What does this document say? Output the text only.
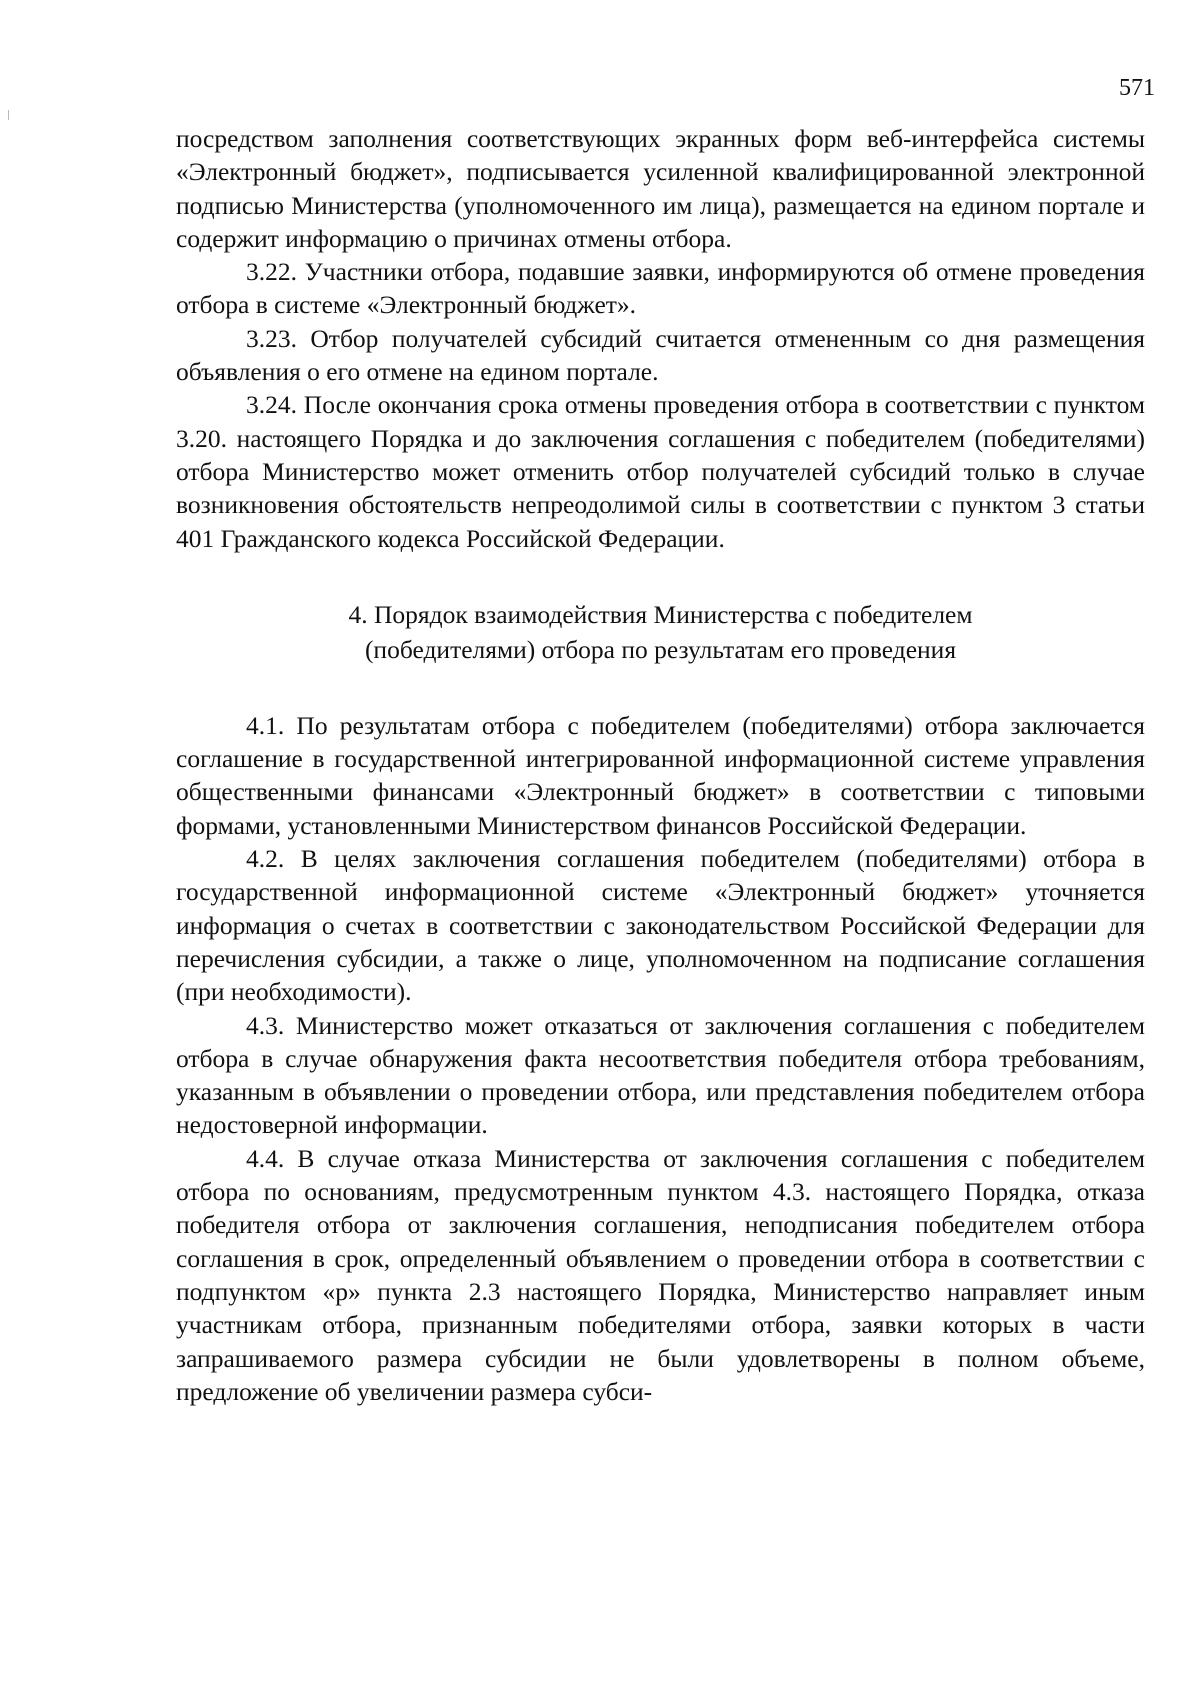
571

посредством заполнения соответствующих экранных форм веб-интерфейса системы «Электронный бюджет», подписывается усиленной квалифицированной электронной подписью Министерства (уполномоченного им лица), размещается на едином портале и содержит информацию о причинах отмены отбора.

3.22. Участники отбора, подавшие заявки, информируются об отмене проведения отбора в системе «Электронный бюджет».

3.23. Отбор получателей субсидий считается отмененным со дня размещения объявления о его отмене на едином портале.

3.24. После окончания срока отмены проведения отбора в соответствии с пунктом 3.20. настоящего Порядка и до заключения соглашения с победителем (победителями) отбора Министерство может отменить отбор получателей субсидий только в случае возникновения обстоятельств непреодолимой силы в соответствии с пунктом 3 статьи 401 Гражданского кодекса Российской Федерации.

4. Порядок взаимодействия Министерства с победителем
(победителями) отбора по результатам его проведения

4.1. По результатам отбора с победителем (победителями) отбора заключается соглашение в государственной интегрированной информационной системе управления общественными финансами «Электронный бюджет» в соответствии с типовыми формами, установленными Министерством финансов Российской Федерации.

4.2. В целях заключения соглашения победителем (победителями) отбора в государственной информационной системе «Электронный бюджет» уточняется информация о счетах в соответствии с законодательством Российской Федерации для перечисления субсидии, а также о лице, уполномоченном на подписание соглашения (при необходимости).

4.3. Министерство может отказаться от заключения соглашения с победителем отбора в случае обнаружения факта несоответствия победителя отбора требованиям, указанным в объявлении о проведении отбора, или представления победителем отбора недостоверной информации.

4.4. В случае отказа Министерства от заключения соглашения с победителем отбора по основаниям, предусмотренным пунктом 4.3. настоящего Порядка, отказа победителя отбора от заключения соглашения, неподписания победителем отбора соглашения в срок, определенный объявлением о проведении отбора в соответствии с подпунктом «р» пункта 2.3 настоящего Порядка, Министерство направляет иным участникам отбора, признанным победителями отбора, заявки которых в части запрашиваемого размера субсидии не были удовлетворены в полном объеме, предложение об увеличении размера субси-
